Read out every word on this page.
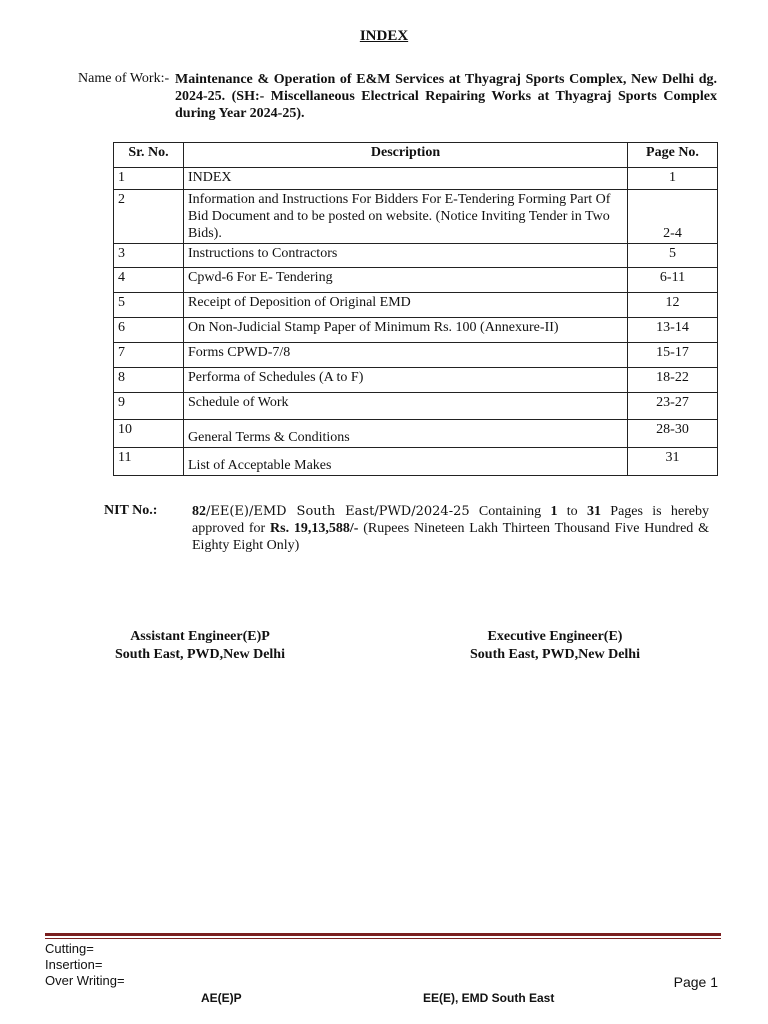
INDEX
Name of Work:- Maintenance & Operation of E&M Services at Thyagraj Sports Complex, New Delhi dg. 2024-25. (SH:- Miscellaneous Electrical Repairing Works at Thyagraj Sports Complex during Year 2024-25).
Sr. No.	Description	Page No.
1	INDEX	1
2	Information and Instructions For Bidders For E-Tendering Forming Part Of Bid Document and to be posted on website. (Notice Inviting Tender in Two Bids).	2-4
3	Instructions to Contractors	5
4	Cpwd-6 For E- Tendering	6-11
5	Receipt of Deposition of Original EMD	12
6	On Non-Judicial Stamp Paper of Minimum Rs. 100 (Annexure-II)	13-14
7	Forms CPWD-7/8	15-17
8	Performa of Schedules (A to F)	18-22
9	Schedule of Work	23-27
10	General Terms & Conditions	28-30
11	List of Acceptable Makes	31
NIT No.: 82/EE(E)/EMD South East/PWD/2024-25 Containing 1 to 31 Pages is hereby approved for Rs. 19,13,588/- (Rupees Nineteen Lakh Thirteen Thousand Five Hundred & Eighty Eight Only)
Assistant Engineer(E)P
South East, PWD,New Delhi
Executive Engineer(E)
South East, PWD,New Delhi
Cutting=
Insertion=
Over Writing=	Page 1
AE(E)P	EE(E), EMD South East
